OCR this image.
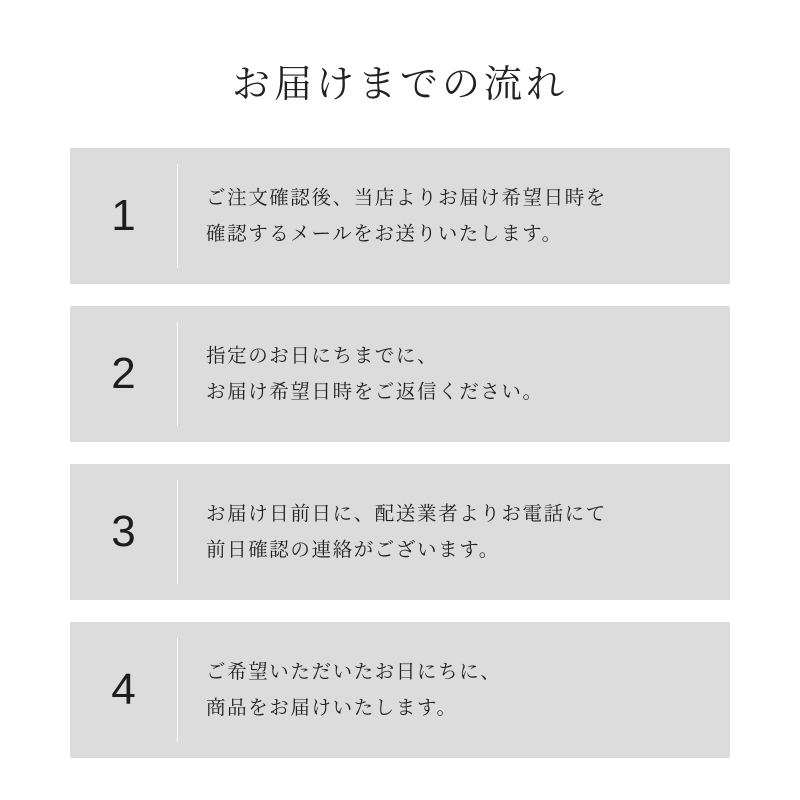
お届けまでの流れ
1	ご注文確認後、当店よりお届け希望日時を
確認するメールをお送りいたします。
2	指定のお日にちまでに、
お届け希望日時をご返信ください。
3	お届け日前日に、配送業者よりお電話にて
前日確認の連絡がございます。
4	ご希望いただいたお日にちに、
商品をお届けいたします。
